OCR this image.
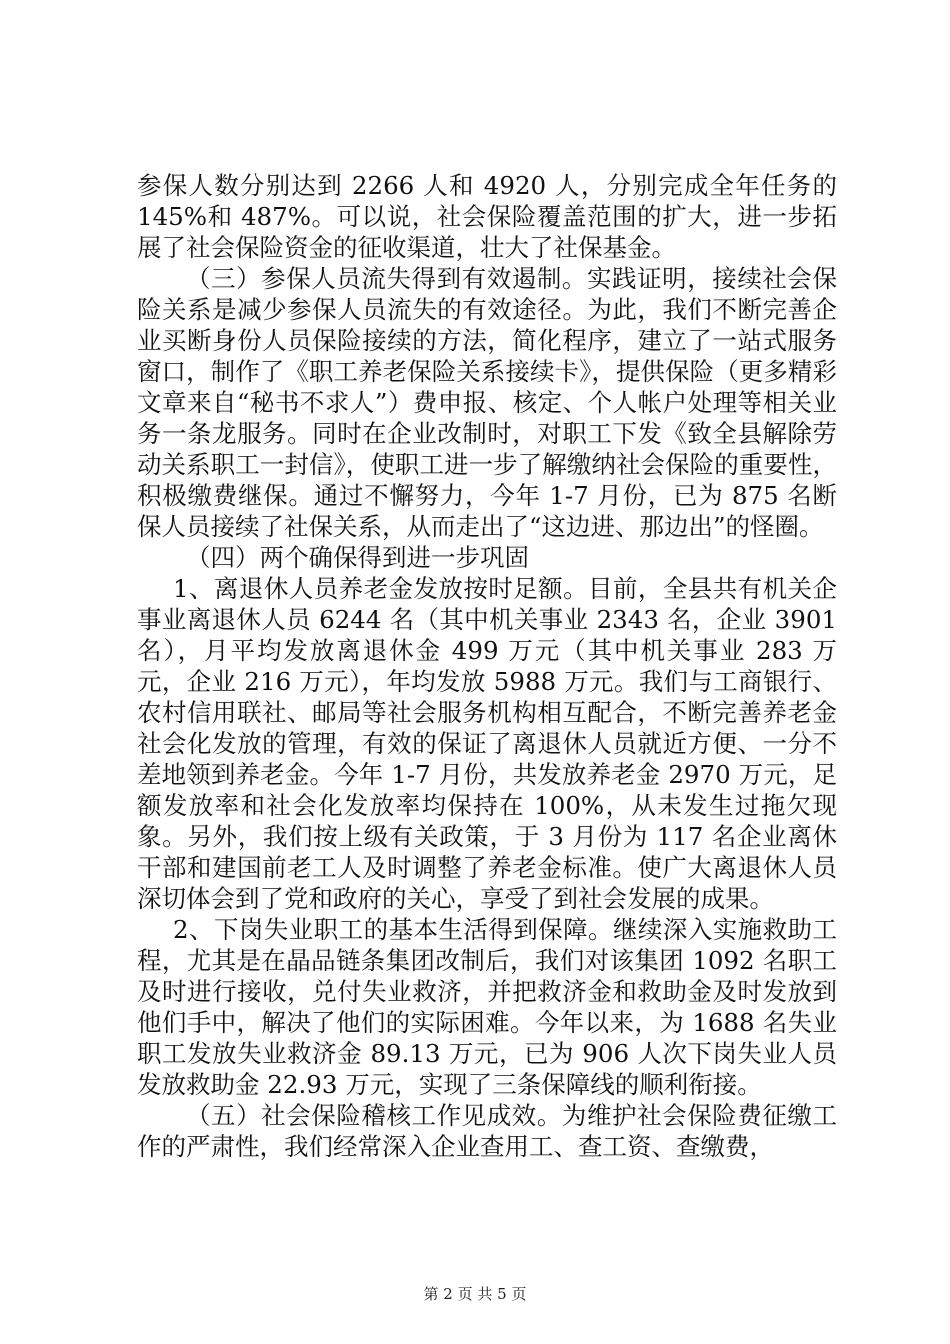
参保人数分别达到 2266 人和 4920 人，分别完成全年任务的 145%和 487%。可以说，社会保险覆盖范围的扩大，进一步拓展了社会保险资金的征收渠道，壮大了社保基金。

（三）参保人员流失得到有效遏制。实践证明，接续社会保险关系是减少参保人员流失的有效途径。为此，我们不断完善企业买断身份人员保险接续的方法，简化程序，建立了一站式服务窗口，制作了《职工养老保险关系接续卡》，提供保险（更多精彩文章来自“秘书不求人”）费申报、核定、个人帐户处理等相关业务一条龙服务。同时在企业改制时，对职工下发《致全县解除劳动关系职工一封信》，使职工进一步了解缴纳社会保险的重要性，积极缴费继保。通过不懈努力，今年 1-7 月份，已为 875 名断保人员接续了社保关系，从而走出了“这边进、那边出”的怪圈。

（四）两个确保得到进一步巩固

1、离退休人员养老金发放按时足额。目前，全县共有机关企事业离退休人员 6244 名（其中机关事业 2343 名，企业 3901 名），月平均发放离退休金 499 万元（其中机关事业 283 万元，企业 216 万元），年均发放 5988 万元。我们与工商银行、农村信用联社、邮局等社会服务机构相互配合，不断完善养老金社会化发放的管理，有效的保证了离退休人员就近方便、一分不差地领到养老金。今年 1-7 月份，共发放养老金 2970 万元，足额发放率和社会化发放率均保持在 100%，从未发生过拖欠现象。另外，我们按上级有关政策，于 3 月份为 117 名企业离休干部和建国前老工人及时调整了养老金标准。使广大离退休人员深切体会到了党和政府的关心，享受了到社会发展的成果。

2、下岗失业职工的基本生活得到保障。继续深入实施救助工程，尤其是在晶品链条集团改制后，我们对该集团 1092 名职工及时进行接收，兑付失业救济，并把救济金和救助金及时发放到他们手中，解决了他们的实际困难。今年以来，为 1688 名失业职工发放失业救济金 89.13 万元，已为 906 人次下岗失业人员发放救助金 22.93 万元，实现了三条保障线的顺利衔接。

（五）社会保险稽核工作见成效。为维护社会保险费征缴工作的严肃性，我们经常深入企业查用工、查工资、查缴费，

第 2 页 共 5 页
